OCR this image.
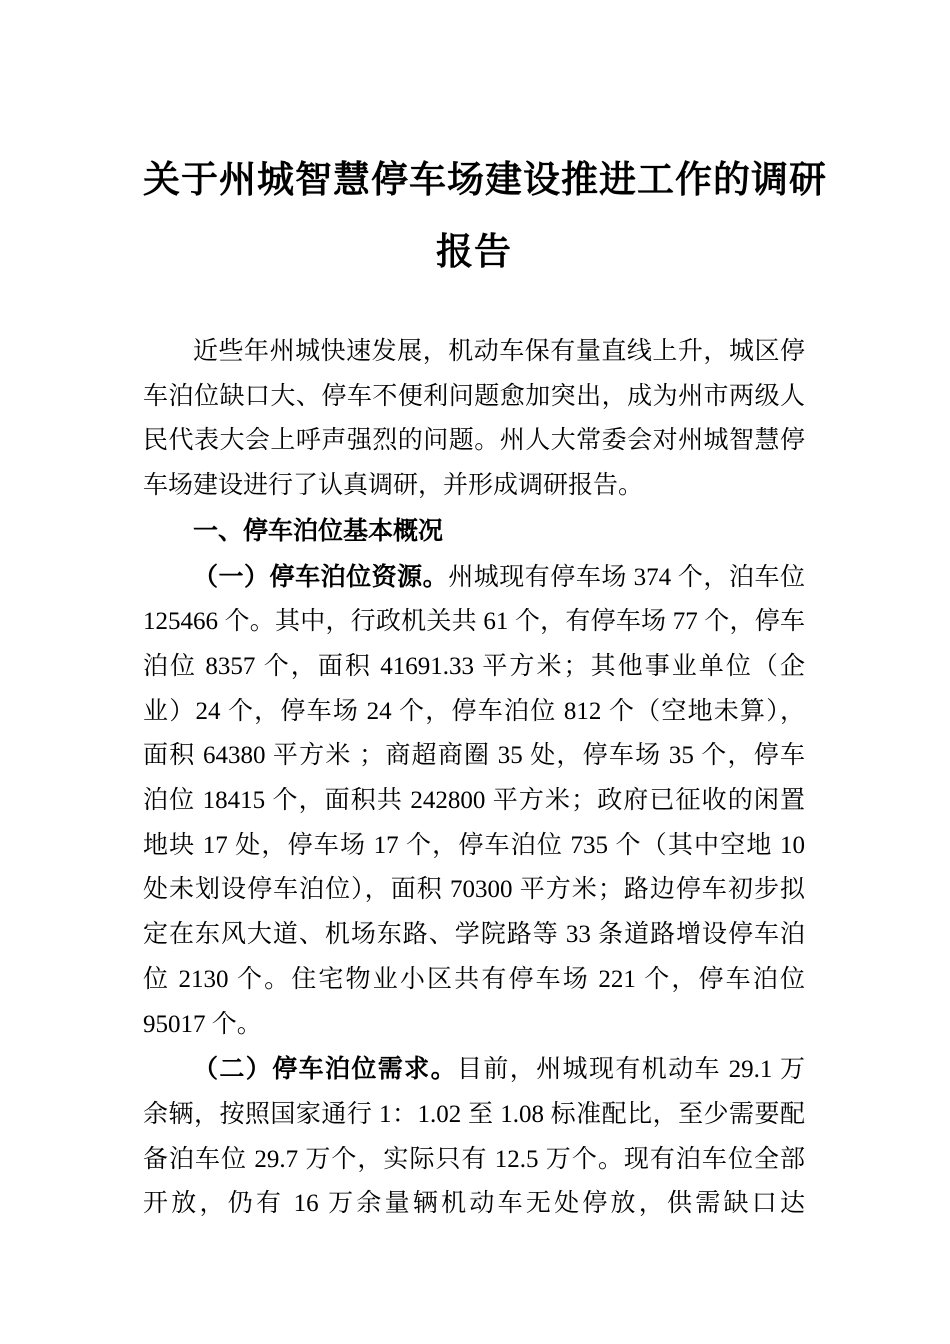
关于州城智慧停车场建设推进工作的调研
报告
近些年州城快速发展，机动车保有量直线上升，城区停
车泊位缺口大、停车不便利问题愈加突出，成为州市两级人
民代表大会上呼声强烈的问题。州人大常委会对州城智慧停
车场建设进行了认真调研，并形成调研报告。
一、停车泊位基本概况
（一）停车泊位资源。州城现有停车场 374 个，泊车位
125466 个。其中，行政机关共 61 个，有停车场 77 个，停车
泊位 8357 个，面积 41691.33 平方米；其他事业单位（企
业）24 个，停车场 24 个，停车泊位 812 个（空地未算），
面积 64380 平方米 ；商超商圈 35 处，停车场 35 个，停车
泊位 18415 个，面积共 242800 平方米；政府已征收的闲置
地块 17 处，停车场 17 个，停车泊位 735 个（其中空地 10
处未划设停车泊位），面积 70300 平方米；路边停车初步拟
定在东风大道、机场东路、学院路等 33 条道路增设停车泊
位 2130 个。住宅物业小区共有停车场 221 个，停车泊位
95017 个。
（二）停车泊位需求。目前，州城现有机动车 29.1 万
余辆，按照国家通行 1：1.02 至 1.08 标准配比，至少需要配
备泊车位 29.7 万个，实际只有 12.5 万个。现有泊车位全部
开放，仍有 16 万余量辆机动车无处停放，供需缺口达
